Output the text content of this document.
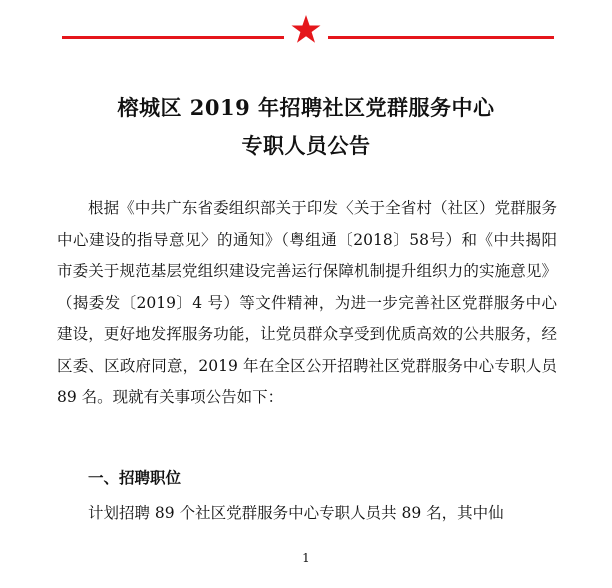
榕城区 2019 年招聘社区党群服务中心
专职人员公告
根据《中共广东省委组织部关于印发〈关于全省村（社区）党群服务中心建设的指导意见〉的通知》（粤组通〔2018〕58号）和《中共揭阳市委关于规范基层党组织建设完善运行保障机制提升组织力的实施意见》（揭委发〔2019〕4 号）等文件精神，为进一步完善社区党群服务中心建设，更好地发挥服务功能，让党员群众享受到优质高效的公共服务，经区委、区政府同意，2019 年在全区公开招聘社区党群服务中心专职人员 89 名。现就有关事项公告如下：
一、招聘职位
计划招聘 89 个社区党群服务中心专职人员共 89 名，其中仙
1
